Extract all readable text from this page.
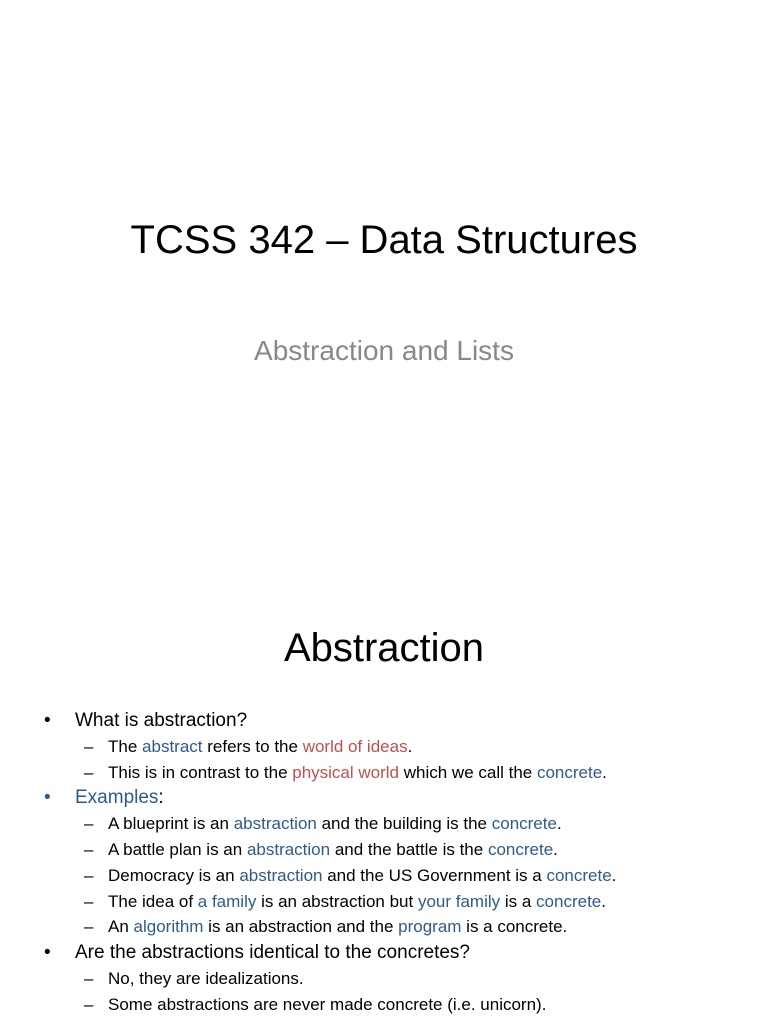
TCSS 342 – Data Structures
Abstraction and Lists
Abstraction
• What is abstraction?
– The abstract refers to the world of ideas.
– This is in contrast to the physical world which we call the concrete.
• Examples:
– A blueprint is an abstraction and the building is the concrete.
– A battle plan is an abstraction and the battle is the concrete.
– Democracy is an abstraction and the US Government is a concrete.
– The idea of a family is an abstraction but your family is a concrete.
– An algorithm is an abstraction and the program is a concrete.
• Are the abstractions identical to the concretes?
– No, they are idealizations.
– Some abstractions are never made concrete (i.e. unicorn).
